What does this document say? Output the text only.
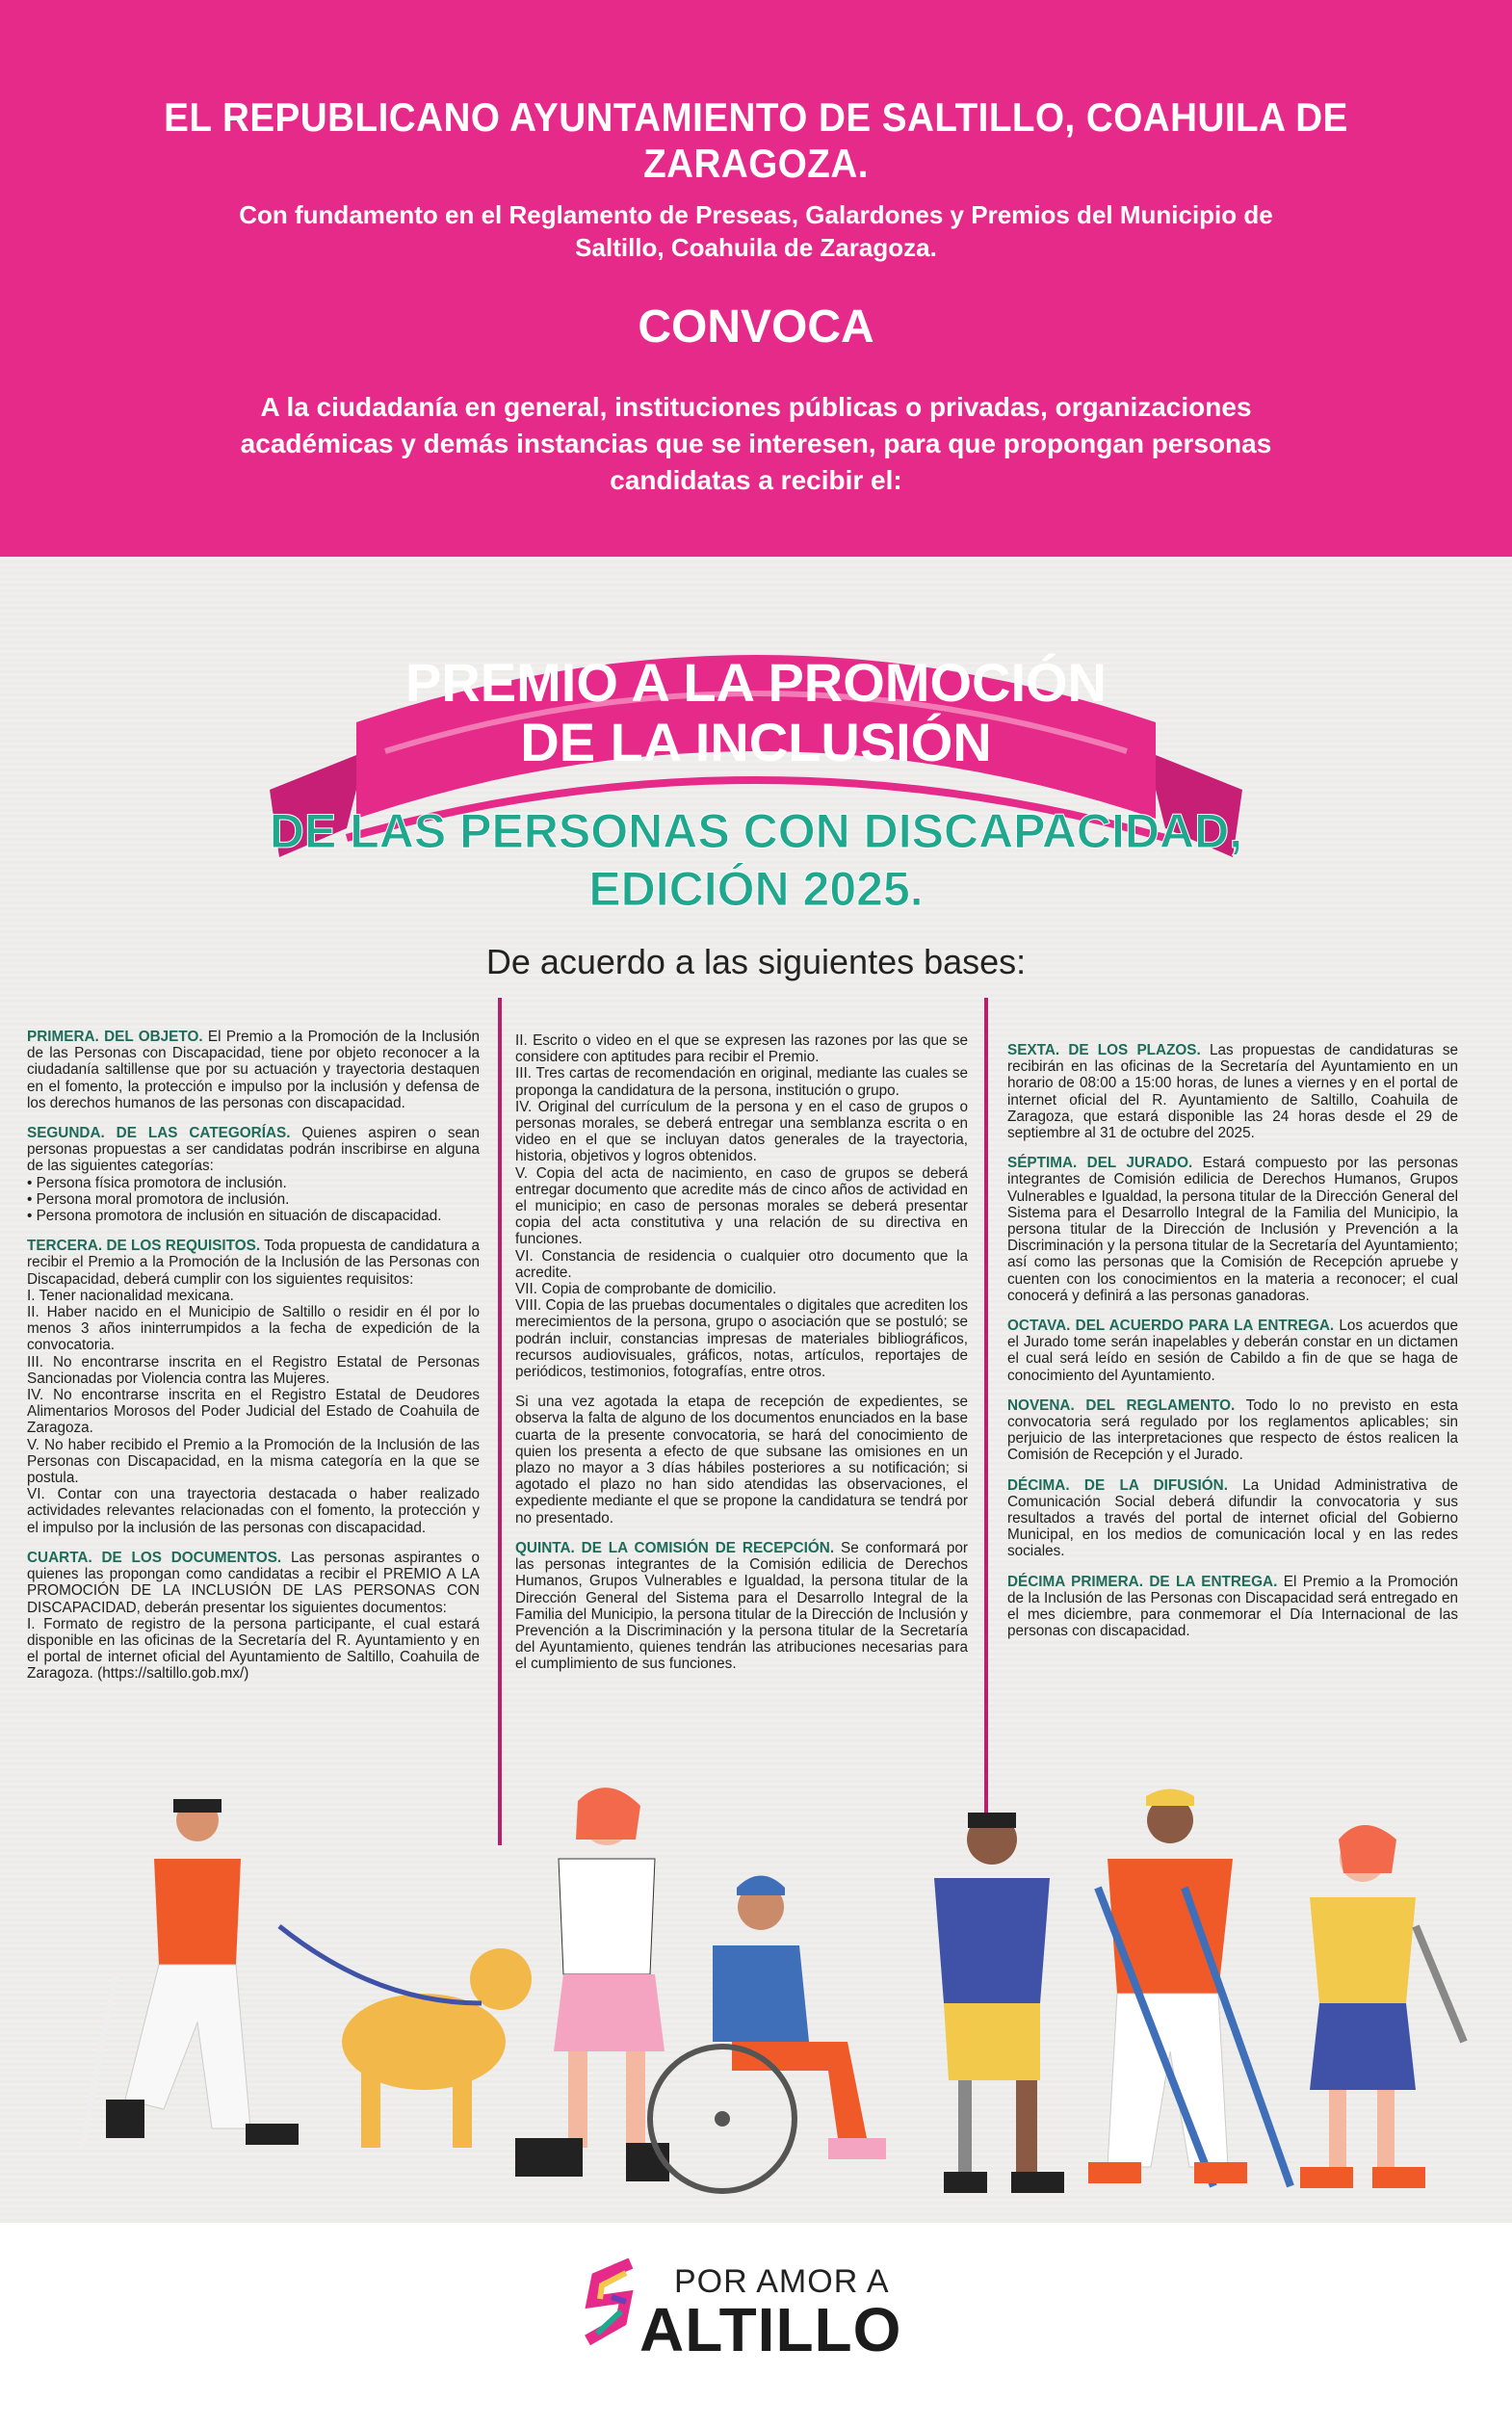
EL REPUBLICANO AYUNTAMIENTO DE SALTILLO, COAHUILA DE ZARAGOZA.
Con fundamento en el Reglamento de Preseas, Galardones y Premios del Municipio de Saltillo, Coahuila de Zaragoza.
CONVOCA
A la ciudadanía en general, instituciones públicas o privadas, organizaciones académicas y demás instancias que se interesen, para que propongan personas candidatas a recibir el:
PREMIO A LA PROMOCIÓN
DE LA INCLUSIÓN
DE LAS PERSONAS CON DISCAPACIDAD,
EDICIÓN 2025.
De acuerdo a las siguientes bases:

PRIMERA. DEL OBJETO. El Premio a la Promoción de la Inclusión de las Personas con Discapacidad, tiene por objeto reconocer a la ciudadanía saltillense que por su actuación y trayectoria destaquen en el fomento, la protección e impulso por la inclusión y defensa de los derechos humanos de las personas con discapacidad.

SEGUNDA. DE LAS CATEGORÍAS. Quienes aspiren o sean personas propuestas a ser candidatas podrán inscribirse en alguna de las siguientes categorías:
• Persona física promotora de inclusión.
• Persona moral promotora de inclusión.
• Persona promotora de inclusión en situación de discapacidad.

TERCERA. DE LOS REQUISITOS. Toda propuesta de candidatura a recibir el Premio a la Promoción de la Inclusión de las Personas con Discapacidad, deberá cumplir con los siguientes requisitos:
I. Tener nacionalidad mexicana.
II. Haber nacido en el Municipio de Saltillo o residir en él por lo menos 3 años ininterrumpidos a la fecha de expedición de la convocatoria.
III. No encontrarse inscrita en el Registro Estatal de Personas Sancionadas por Violencia contra las Mujeres.
IV. No encontrarse inscrita en el Registro Estatal de Deudores Alimentarios Morosos del Poder Judicial del Estado de Coahuila de Zaragoza.
V. No haber recibido el Premio a la Promoción de la Inclusión de las Personas con Discapacidad, en la misma categoría en la que se postula.
VI. Contar con una trayectoria destacada o haber realizado actividades relevantes relacionadas con el fomento, la protección y el impulso por la inclusión de las personas con discapacidad.

CUARTA. DE LOS DOCUMENTOS. Las personas aspirantes o quienes las propongan como candidatas a recibir el PREMIO A LA PROMOCIÓN DE LA INCLUSIÓN DE LAS PERSONAS CON DISCAPACIDAD, deberán presentar los siguientes documentos:
I. Formato de registro de la persona participante, el cual estará disponible en las oficinas de la Secretaría del R. Ayuntamiento y en el portal de internet oficial del Ayuntamiento de Saltillo, Coahuila de Zaragoza. (https://saltillo.gob.mx/)

II. Escrito o video en el que se expresen las razones por las que se considere con aptitudes para recibir el Premio.
III. Tres cartas de recomendación en original, mediante las cuales se proponga la candidatura de la persona, institución o grupo.
IV. Original del currículum de la persona y en el caso de grupos o personas morales, se deberá entregar una semblanza escrita o en video en el que se incluyan datos generales de la trayectoria, historia, objetivos y logros obtenidos.
V. Copia del acta de nacimiento, en caso de grupos se deberá entregar documento que acredite más de cinco años de actividad en el municipio; en caso de personas morales se deberá presentar copia del acta constitutiva y una relación de su directiva en funciones.
VI. Constancia de residencia o cualquier otro documento que la acredite.
VII. Copia de comprobante de domicilio.
VIII. Copia de las pruebas documentales o digitales que acrediten los merecimientos de la persona, grupo o asociación que se postuló; se podrán incluir, constancias impresas de materiales bibliográficos, recursos audiovisuales, gráficos, notas, artículos, reportajes de periódicos, testimonios, fotografías, entre otros.

Si una vez agotada la etapa de recepción de expedientes, se observa la falta de alguno de los documentos enunciados en la base cuarta de la presente convocatoria, se hará del conocimiento de quien los presenta a efecto de que subsane las omisiones en un plazo no mayor a 3 días hábiles posteriores a su notificación; si agotado el plazo no han sido atendidas las observaciones, el expediente mediante el que se propone la candidatura se tendrá por no presentado.

QUINTA. DE LA COMISIÓN DE RECEPCIÓN. Se conformará por las personas integrantes de la Comisión edilicia de Derechos Humanos, Grupos Vulnerables e Igualdad, la persona titular de la Dirección General del Sistema para el Desarrollo Integral de la Familia del Municipio, la persona titular de la Dirección de Inclusión y Prevención a la Discriminación y la persona titular de la Secretaría del Ayuntamiento, quienes tendrán las atribuciones necesarias para el cumplimiento de sus funciones.

SEXTA. DE LOS PLAZOS. Las propuestas de candidaturas se recibirán en las oficinas de la Secretaría del Ayuntamiento en un horario de 08:00 a 15:00 horas, de lunes a viernes y en el portal de internet oficial del R. Ayuntamiento de Saltillo, Coahuila de Zaragoza, que estará disponible las 24 horas desde el 29 de septiembre al 31 de octubre del 2025.

SÉPTIMA. DEL JURADO. Estará compuesto por las personas integrantes de Comisión edilicia de Derechos Humanos, Grupos Vulnerables e Igualdad, la persona titular de la Dirección General del Sistema para el Desarrollo Integral de la Familia del Municipio, la persona titular de la Dirección de Inclusión y Prevención a la Discriminación y la persona titular de la Secretaría del Ayuntamiento; así como las personas que la Comisión de Recepción apruebe y cuenten con los conocimientos en la materia a reconocer; el cual conocerá y definirá a las personas ganadoras.

OCTAVA. DEL ACUERDO PARA LA ENTREGA. Los acuerdos que el Jurado tome serán inapelables y deberán constar en un dictamen el cual será leído en sesión de Cabildo a fin de que se haga de conocimiento del Ayuntamiento.

NOVENA. DEL REGLAMENTO. Todo lo no previsto en esta convocatoria será regulado por los reglamentos aplicables; sin perjuicio de las interpretaciones que respecto de éstos realicen la Comisión de Recepción y el Jurado.

DÉCIMA. DE LA DIFUSIÓN. La Unidad Administrativa de Comunicación Social deberá difundir la convocatoria y sus resultados a través del portal de internet oficial del Gobierno Municipal, en los medios de comunicación local y en las redes sociales.

DÉCIMA PRIMERA. DE LA ENTREGA. El Premio a la Promoción de la Inclusión de las Personas con Discapacidad será entregado en el mes diciembre, para conmemorar el Día Internacional de las personas con discapacidad.

POR AMOR A
ALTILLO
